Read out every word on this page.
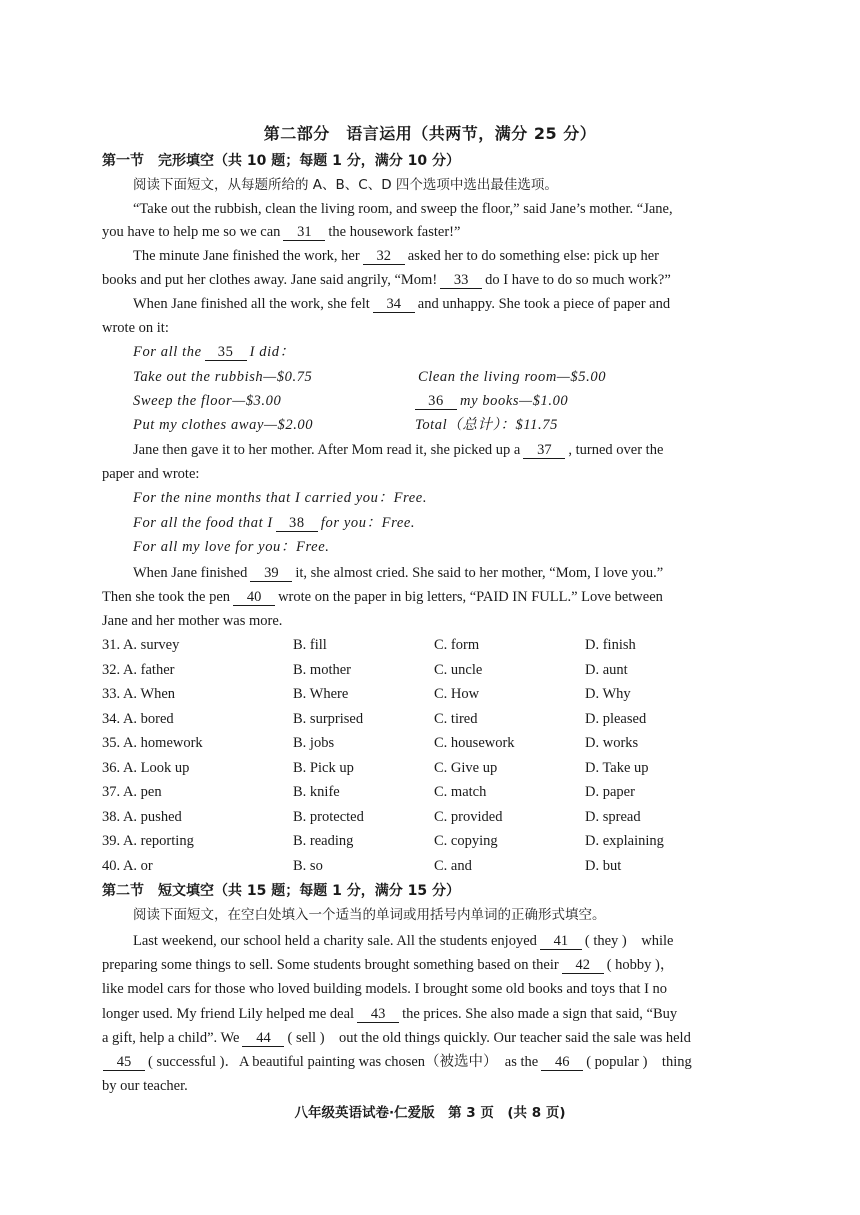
第二部分　语言运用（共两节，满分 25 分）
第一节　完形填空（共 10 题；每题 1 分，满分 10 分）
阅读下面短文，从每题所给的 A、B、C、D 四个选项中选出最佳选项。
“Take out the rubbish, clean the living room, and sweep the floor,” said Jane’s mother. “Jane,
you have to help me so we can 31 the housework faster!”
The minute Jane finished the work, her 32 asked her to do something else: pick up her
books and put her clothes away. Jane said angrily, “Mom! 33 do I have to do so much work?”
When Jane finished all the work, she felt 34 and unhappy. She took a piece of paper and
wrote on it:
For all the 35 I did：
Take out the rubbish—$0.75	Clean the living room—$5.00
Sweep the floor—$3.00	36 my books—$1.00
Put my clothes away—$2.00	Total（总计）：$11.75
Jane then gave it to her mother. After Mom read it, she picked up a 37 , turned over the
paper and wrote:
For the nine months that I carried you：Free.
For all the food that I 38 for you：Free.
For all my love for you：Free.
When Jane finished 39 it, she almost cried. She said to her mother, “Mom, I love you.”
Then she took the pen 40 wrote on the paper in big letters, “PAID IN FULL.” Love between
Jane and her mother was more.
31. A. survey	B. fill	C. form	D. finish
32. A. father	B. mother	C. uncle	D. aunt
33. A. When	B. Where	C. How	D. Why
34. A. bored	B. surprised	C. tired	D. pleased
35. A. homework	B. jobs	C. housework	D. works
36. A. Look up	B. Pick up	C. Give up	D. Take up
37. A. pen	B. knife	C. match	D. paper
38. A. pushed	B. protected	C. provided	D. spread
39. A. reporting	B. reading	C. copying	D. explaining
40. A. or	B. so	C. and	D. but
第二节　短文填空（共 15 题；每题 1 分，满分 15 分）
阅读下面短文，在空白处填入一个适当的单词或用括号内单词的正确形式填空。
Last weekend, our school held a charity sale. All the students enjoyed 41 ( they )　while
preparing some things to sell. Some students brought something based on their 42 ( hobby )，
like model cars for those who loved building models. I brought some old books and toys that I no
longer used. My friend Lily helped me deal 43 the prices. She also made a sign that said, “Buy
a gift, help a child”. We 44 ( sell )　out the old things quickly. Our teacher said the sale was held
45 ( successful )．A beautiful painting was chosen（被选中）　as the 46 ( popular )　thing
by our teacher.
八年级英语试卷·仁爱版　第 3 页　(共 8 页)
